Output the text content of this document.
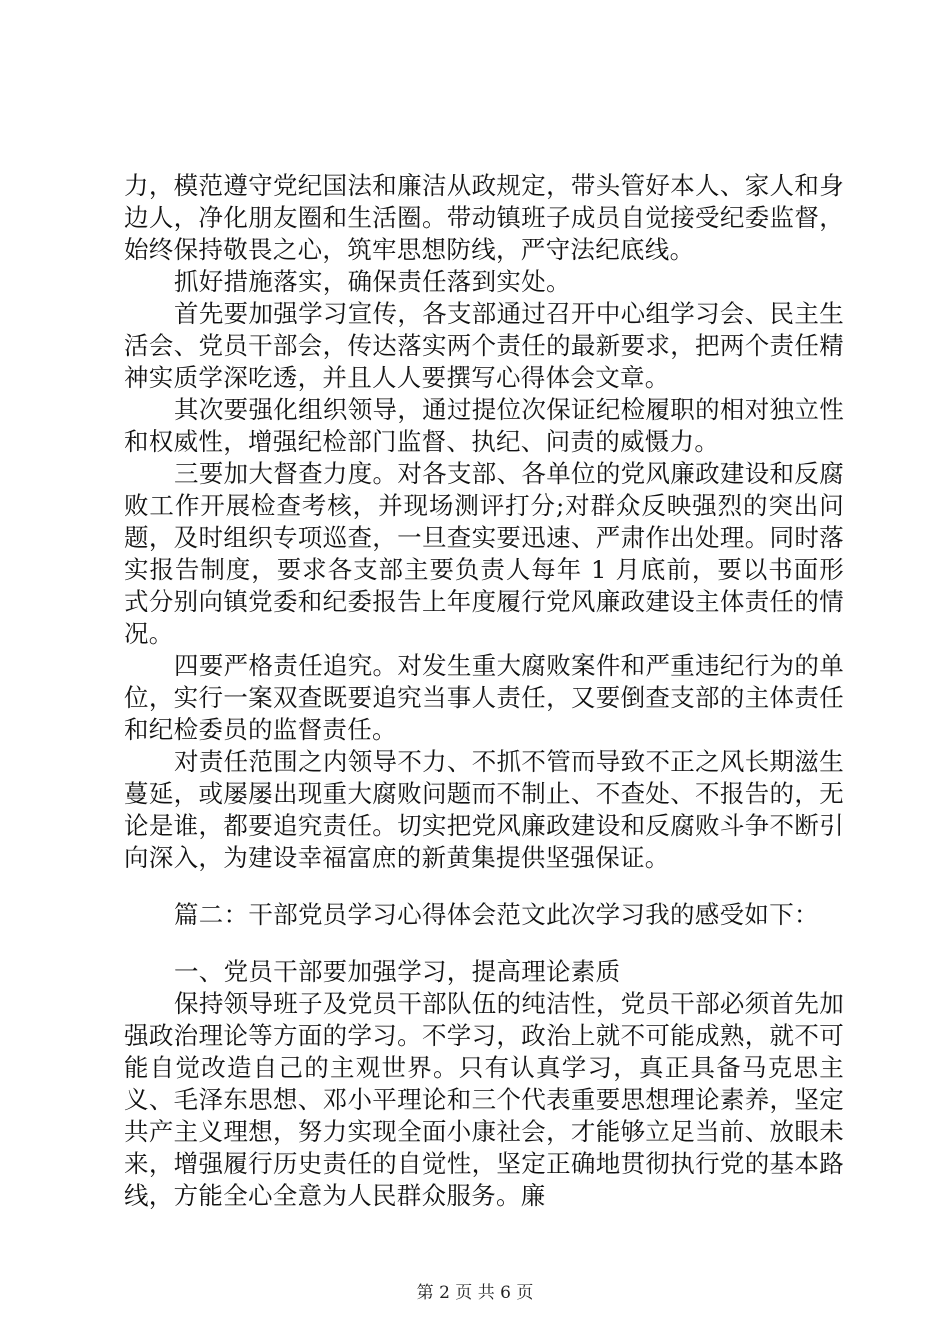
力，模范遵守党纪国法和廉洁从政规定，带头管好本人、家人和身边人，净化朋友圈和生活圈。带动镇班子成员自觉接受纪委监督，始终保持敬畏之心，筑牢思想防线，严守法纪底线。

抓好措施落实，确保责任落到实处。

首先要加强学习宣传，各支部通过召开中心组学习会、民主生活会、党员干部会，传达落实两个责任的最新要求，把两个责任精神实质学深吃透，并且人人要撰写心得体会文章。

其次要强化组织领导，通过提位次保证纪检履职的相对独立性和权威性，增强纪检部门监督、执纪、问责的威慑力。

三要加大督查力度。对各支部、各单位的党风廉政建设和反腐败工作开展检查考核，并现场测评打分;对群众反映强烈的突出问题，及时组织专项巡查，一旦查实要迅速、严肃作出处理。同时落实报告制度，要求各支部主要负责人每年 1 月底前，要以书面形式分别向镇党委和纪委报告上年度履行党风廉政建设主体责任的情况。

四要严格责任追究。对发生重大腐败案件和严重违纪行为的单位，实行一案双查既要追究当事人责任，又要倒查支部的主体责任和纪检委员的监督责任。

对责任范围之内领导不力、不抓不管而导致不正之风长期滋生蔓延，或屡屡出现重大腐败问题而不制止、不查处、不报告的，无论是谁，都要追究责任。切实把党风廉政建设和反腐败斗争不断引向深入，为建设幸福富庶的新黄集提供坚强保证。

篇二：干部党员学习心得体会范文此次学习我的感受如下：

一、党员干部要加强学习，提高理论素质

保持领导班子及党员干部队伍的纯洁性，党员干部必须首先加强政治理论等方面的学习。不学习，政治上就不可能成熟，就不可能自觉改造自己的主观世界。只有认真学习，真正具备马克思主义、毛泽东思想、邓小平理论和三个代表重要思想理论素养，坚定共产主义理想，努力实现全面小康社会，才能够立足当前、放眼未来，增强履行历史责任的自觉性，坚定正确地贯彻执行党的基本路线，方能全心全意为人民群众服务。廉

第 2 页 共 6 页
